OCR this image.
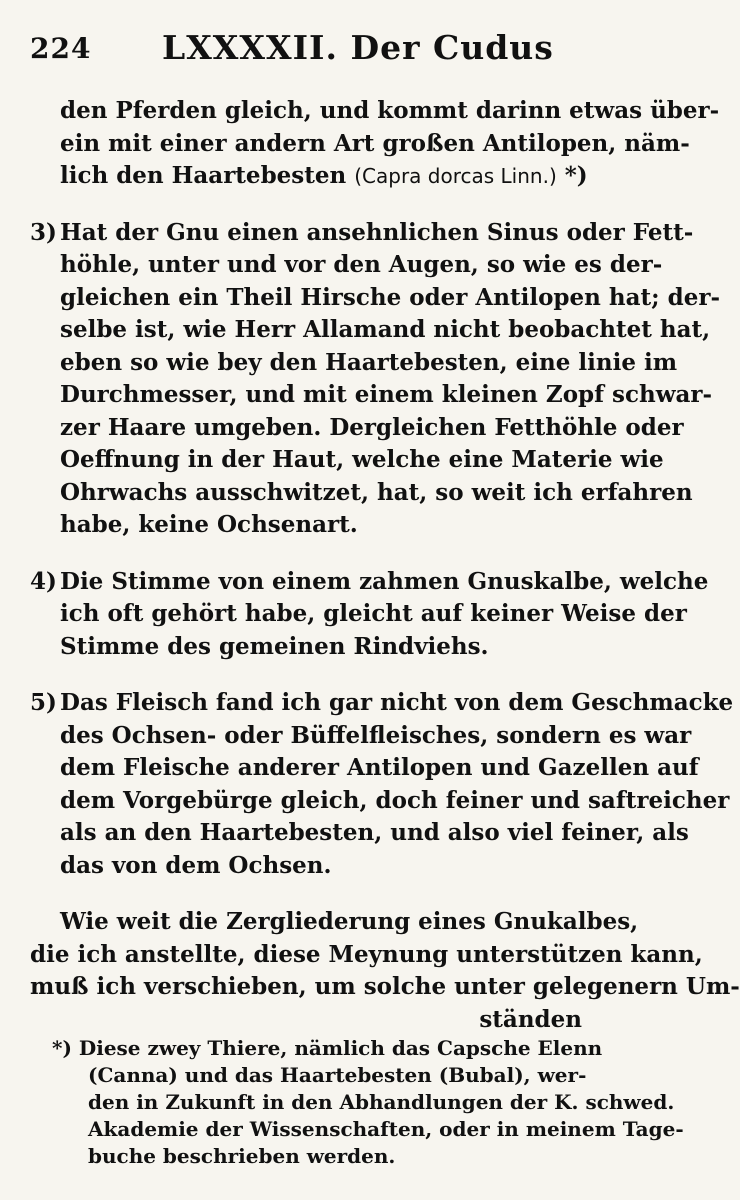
224 LXXXXII. Der Cudus
den Pferden gleich, und kommt darinn etwas über-
ein mit einer andern Art großen Antilopen, näm-
lich den Haartebesten (Capra dorcas Linn.) *)
3) Hat der Gnu einen ansehnlichen Sinus oder Fett-
höhle, unter und vor den Augen, so wie es der-
gleichen ein Theil Hirsche oder Antilopen hat; der-
selbe ist, wie Herr Allamand nicht beobachtet hat,
eben so wie bey den Haartebesten, eine linie im
Durchmesser, und mit einem kleinen Zopf schwar-
zer Haare umgeben. Dergleichen Fetthöhle oder
Oeffnung in der Haut, welche eine Materie wie
Ohrwachs ausschwitzet, hat, so weit ich erfahren
habe, keine Ochsenart.
4) Die Stimme von einem zahmen Gnuskalbe, welche
ich oft gehört habe, gleicht auf keiner Weise der
Stimme des gemeinen Rindviehs.
5) Das Fleisch fand ich gar nicht von dem Geschmacke
des Ochsen- oder Büffelfleisches, sondern es war
dem Fleische anderer Antilopen und Gazellen auf
dem Vorgebürge gleich, doch feiner und saftreicher
als an den Haartebesten, und also viel feiner, als
das von dem Ochsen.
Wie weit die Zergliederung eines Gnukalbes,
die ich anstellte, diese Meynung unterstützen kann,
muß ich verschieben, um solche unter gelegenern Um-
ständen
*) Diese zwey Thiere, nämlich das Capsche Elenn
(Canna) und das Haartebesten (Bubal), wer-
den in Zukunft in den Abhandlungen der K. schwed.
Akademie der Wissenschaften, oder in meinem Tage-
buche beschrieben werden.
